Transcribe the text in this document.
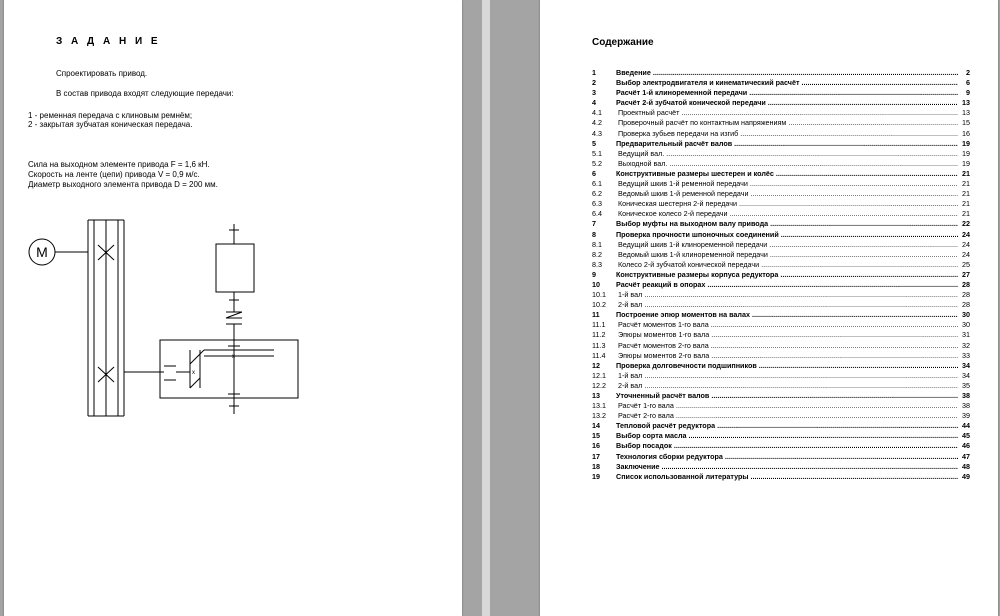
З А Д А Н И Е
Спроектировать привод.
В состав привода входят следующие передачи:
1 - ременная передача с клиновым ремнём;
2 - закрытая зубчатая коническая передача.
Сила на выходном элементе привода F = 1,6 кН.
Скорость на ленте (цепи) привода V = 0,9 м/с.
Диаметр выходного элемента привода D = 200 мм.
M
x
x
Содержание
1	Введение .....	2
2	Выбор электродвигателя и кинематический расчёт .....	6
3	Расчёт 1-й клиноременной передачи .....	9
4	Расчёт 2-й зубчатой конической передачи .....	13
4.1	Проектный расчёт .....	13
4.2	Проверочный расчёт по контактным напряжениям .....	15
4.3	Проверка зубьев передачи на изгиб .....	16
5	Предварительный расчёт валов .....	19
5.1	Ведущий вал. .....	19
5.2	Выходной вал. .....	19
6	Конструктивные размеры шестерен и колёс .....	21
6.1	Ведущий шкив 1-й ременной передачи .....	21
6.2	Ведомый шкив 1-й ременной передачи .....	21
6.3	Коническая шестерня 2-й передачи .....	21
6.4	Коническое колесо 2-й передачи .....	21
7	Выбор муфты на выходном валу привода .....	22
8	Проверка прочности шпоночных соединений .....	24
8.1	Ведущий шкив 1-й клиноременной передачи .....	24
8.2	Ведомый шкив 1-й клиноременной передачи .....	24
8.3	Колесо 2-й зубчатой конической передачи .....	25
9	Конструктивные размеры корпуса редуктора .....	27
10	Расчёт реакций в опорах .....	28
10.1	1-й вал .....	28
10.2	2-й вал .....	28
11	Построение эпюр моментов на валах .....	30
11.1	Расчёт моментов 1-го вала .....	30
11.2	Эпюры моментов 1-го вала .....	31
11.3	Расчёт моментов 2-го вала .....	32
11.4	Эпюры моментов 2-го вала .....	33
12	Проверка долговечности подшипников .....	34
12.1	1-й вал .....	34
12.2	2-й вал .....	35
13	Уточненный расчёт валов .....	38
13.1	Расчёт 1-го вала .....	38
13.2	Расчёт 2-го вала .....	39
14	Тепловой расчёт редуктора .....	44
15	Выбор сорта масла .....	45
16	Выбор посадок .....	46
17	Технология сборки редуктора .....	47
18	Заключение .....	48
19	Список использованной литературы .....	49
